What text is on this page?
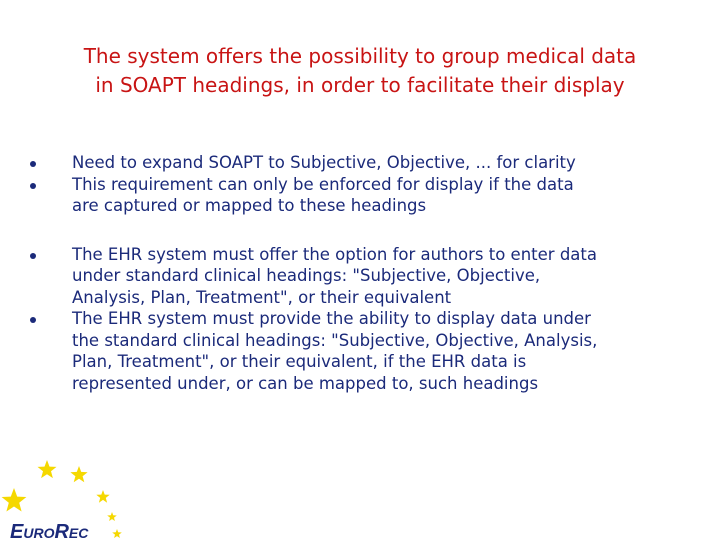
The system offers the possibility to group medical data
in SOAPT headings, in order to facilitate their display
Need to expand SOAPT to Subjective, Objective, ... for clarity
This requirement can only be enforced for display if the data
are captured or mapped to these headings
The EHR system must offer the option for authors to enter data
under standard clinical headings: "Subjective, Objective,
Analysis, Plan, Treatment", or their equivalent
The EHR system must provide the ability to display data under
the standard clinical headings: "Subjective, Objective, Analysis,
Plan, Treatment", or their equivalent, if the EHR data is
represented under, or can be mapped to, such headings
EUROREC
